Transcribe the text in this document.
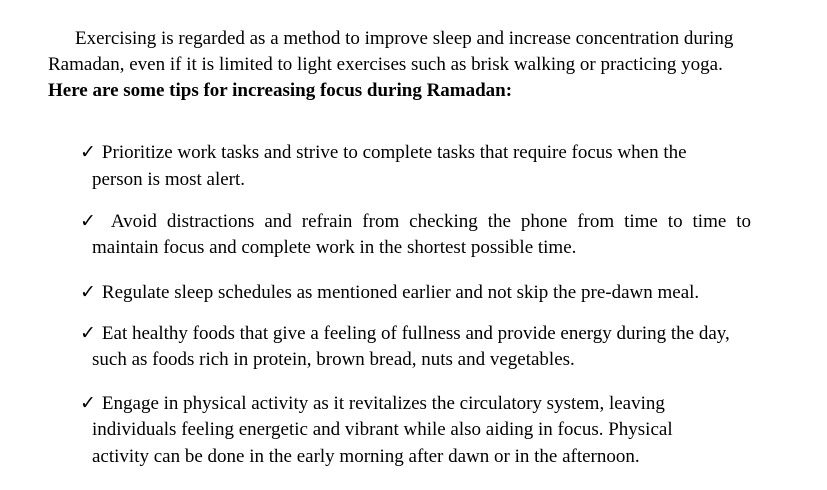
Exercising is regarded as a method to improve sleep and increase concentration during
Ramadan, even if it is limited to light exercises such as brisk walking or practicing yoga.
Here are some tips for increasing focus during Ramadan:
✓ Prioritize work tasks and strive to complete tasks that require focus when the
person is most alert.
✓ Avoid distractions and refrain from checking the phone from time to time to
maintain focus and complete work in the shortest possible time.
✓ Regulate sleep schedules as mentioned earlier and not skip the pre-dawn meal.
✓ Eat healthy foods that give a feeling of fullness and provide energy during the day,
such as foods rich in protein, brown bread, nuts and vegetables.
✓ Engage in physical activity as it revitalizes the circulatory system, leaving
individuals feeling energetic and vibrant while also aiding in focus. Physical
activity can be done in the early morning after dawn or in the afternoon.
